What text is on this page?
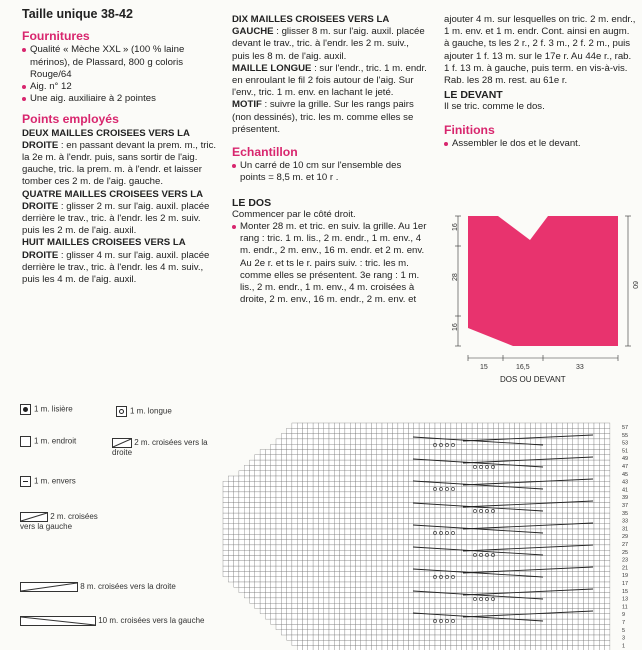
Taille unique 38-42
Fournitures

Qualité « Mèche XXL » (100 % laine mérinos), de Plassard, 800 g coloris Rouge/64

Aig. n° 12

Une aig. auxiliaire à 2 pointes

Points employés

DEUX MAILLES CROISEES VERS LA DROITE : en passant devant la prem. m., tric. la 2e m. à l'endr. puis, sans sortir de l'aig. gauche, tric. la prem. m. à l'endr. et laisser tomber ces 2 m. de l'aig. gauche.

QUATRE MAILLES CROISEES VERS LA DROITE : glisser 2 m. sur l'aig. auxil. placée derrière le trav., tric. à l'endr. les 2 m. suiv. puis les 2 m. de l'aig. auxil.

HUIT MAILLES CROISEES VERS LA DROITE : glisser 4 m. sur l'aig. auxil. placée derrière le trav., tric. à l'endr. les 4 m. suiv., puis les 4 m. de l'aig. auxil.

DIX MAILLES CROISEES VERS LA GAUCHE : glisser 8 m. sur l'aig. auxil. placée devant le trav., tric. à l'endr. les 2 m. suiv., puis les 8 m. de l'aig. auxil.

MAILLE LONGUE : sur l'endr., tric. 1 m. endr. en enroulant le fil 2 fois autour de l'aig. Sur l'env., tric. 1 m. env. en lachant le jeté.

MOTIF : suivre la grille. Sur les rangs pairs (non dessinés), tric. les m. comme elles se présentent.

Echantillon

Un carré de 10 cm sur l'ensemble des points = 8,5 m. et 10 r .

LE DOS

Commencer par le côté droit.

Monter 28 m. et tric. en suiv. la grille. Au 1er rang : tric. 1 m. lis., 2 m. endr., 1 m. env., 4 m. endr., 2 m. env., 16 m. endr. et 2 m. env. Au 2e r. et ts le r. pairs suiv. : tric. les m. comme elles se présentent. 3e rang : 1 m. lis., 2 m. endr., 1 m. env., 4 m. croisées à droite, 2 m. env., 16 m. endr., 2 m. env. et

ajouter 4 m. sur lesquelles on tric. 2 m. endr., 1 m. env. et 1 m. endr. Cont. ainsi en augm. à gauche, ts les 2 r., 2 f. 3 m., 2 f. 2 m., puis ajouter 1 f. 13 m. sur le 17e r. Au 44e r., rab. 1 f. 13 m. à gauche, puis term. en vis-à-vis. Rab. les 28 m. rest. au 61e r.

LE DEVANT

Il se tric. comme le dos.

Finitions

Assembler le dos et le devant.

16
28
16
60
15	16,5	33
DOS OU DEVANT
1 m. lisière	1 m. longue
1 m. endroit	2 m. croisées vers la droite
1 m. envers
2 m. croisées vers la gauche
8 m. croisées vers la droite
10 m. croisées vers la gauche
57
55
53
51
49
47
45
43
41
39
37
35
33
31
29
27
25
23
21
19
17
15
13
11
9
7
5
3
1
